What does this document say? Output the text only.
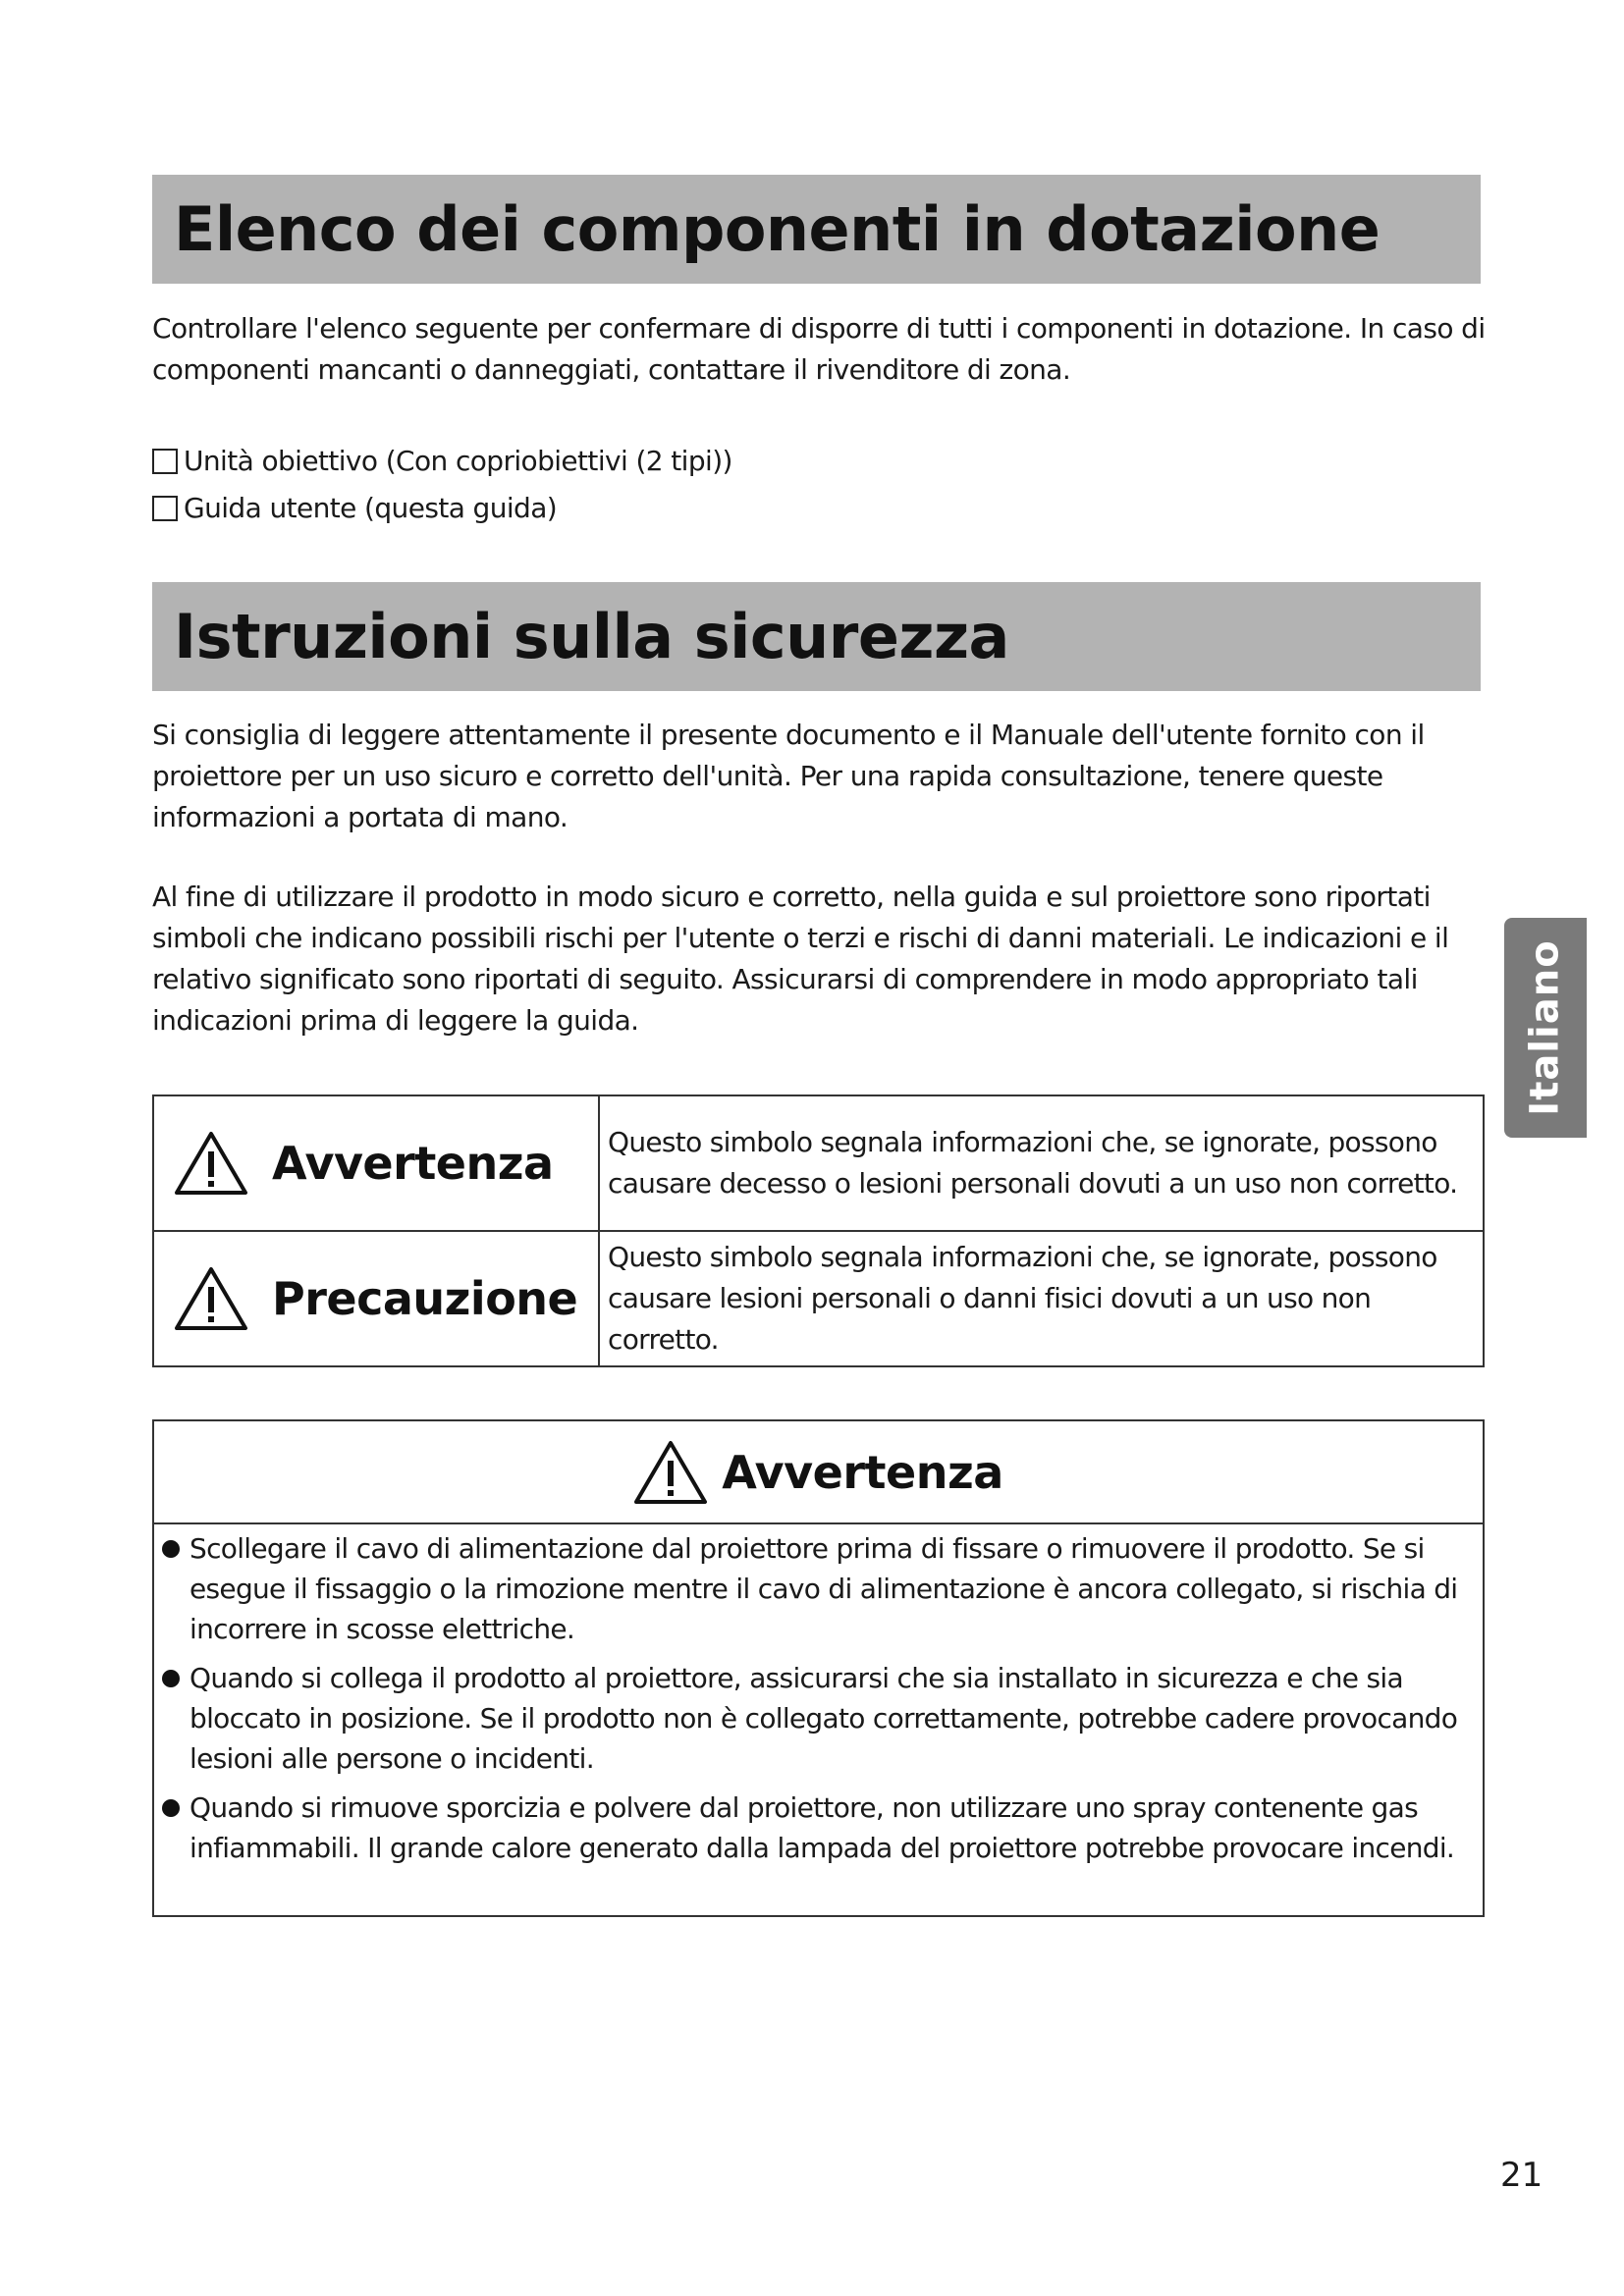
Elenco dei componenti in dotazione

Controllare l'elenco seguente per confermare di disporre di tutti i componenti in dotazione. In caso di componenti mancanti o danneggiati, contattare il rivenditore di zona.

Unità obiettivo (Con copriobiettivi (2 tipi))
Guida utente (questa guida)
Istruzioni sulla sicurezza

Si consiglia di leggere attentamente il presente documento e il Manuale dell'utente fornito con il proiettore per un uso sicuro e corretto dell'unità. Per una rapida consultazione, tenere queste informazioni a portata di mano.

Al fine di utilizzare il prodotto in modo sicuro e corretto, nella guida e sul proiettore sono riportati simboli che indicano possibili rischi per l'utente o terzi e rischi di danni materiali. Le indicazioni e il relativo significato sono riportati di seguito. Assicurarsi di comprendere in modo appropriato tali indicazioni prima di leggere la guida.

Avvertenza	Questo simbolo segnala informazioni che, se ignorate, possono causare decesso o lesioni personali dovuti a un uso non corretto.

Precauzione	Questo simbolo segnala informazioni che, se ignorate, possono causare lesioni personali o danni fisici dovuti a un uso non corretto.
Avvertenza
Scollegare il cavo di alimentazione dal proiettore prima di fissare o rimuovere il prodotto. Se si esegue il fissaggio o la rimozione mentre il cavo di alimentazione è ancora collegato, si rischia di incorrere in scosse elettriche.
Quando si collega il prodotto al proiettore, assicurarsi che sia installato in sicurezza e che sia bloccato in posizione. Se il prodotto non è collegato correttamente, potrebbe cadere provocando lesioni alle persone o incidenti.
Quando si rimuove sporcizia e polvere dal proiettore, non utilizzare uno spray contenente gas infiammabili. Il grande calore generato dalla lampada del proiettore potrebbe provocare incendi.
Italiano
21
